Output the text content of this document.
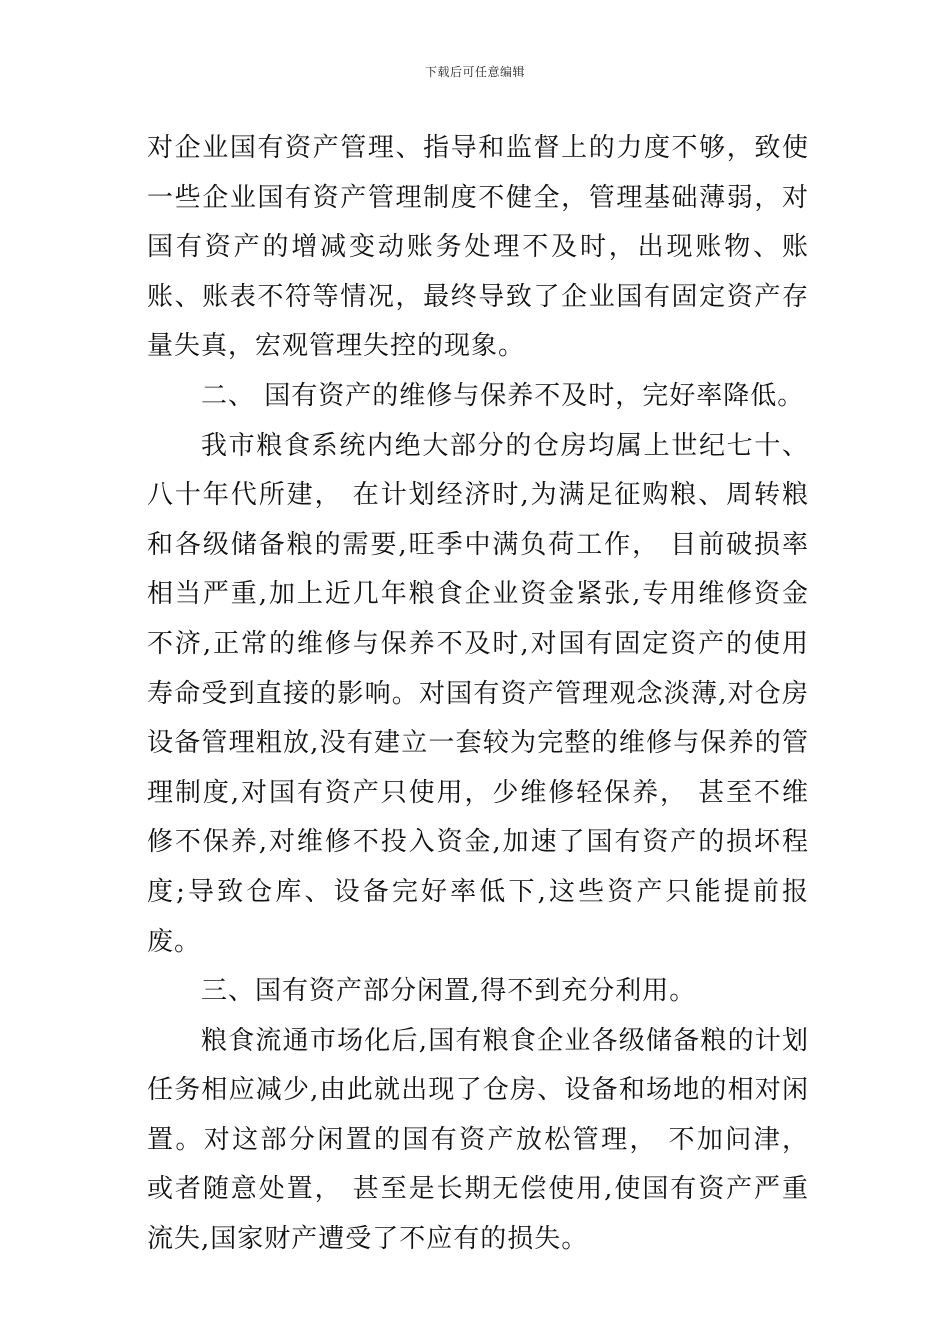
下载后可任意编辑

对企业国有资产管理、指导和监督上的力度不够，致使一些企业国有资产管理制度不健全，管理基础薄弱，对国有资产的增减变动账务处理不及时，出现账物、账账、账表不符等情况，最终导致了企业国有固定资产存量失真，宏观管理失控的现象。

二、 国有资产的维修与保养不及时，完好率降低。

我市粮食系统内绝大部分的仓房均属上世纪七十、八十年代所建， 在计划经济时,为满足征购粮、周转粮和各级储备粮的需要,旺季中满负荷工作， 目前破损率相当严重,加上近几年粮食企业资金紧张,专用维修资金不济,正常的维修与保养不及时,对国有固定资产的使用寿命受到直接的影响。对国有资产管理观念淡薄,对仓房设备管理粗放,没有建立一套较为完整的维修与保养的管理制度,对国有资产只使用，少维修轻保养， 甚至不维修不保养,对维修不投入资金,加速了国有资产的损坏程度;导致仓库、设备完好率低下,这些资产只能提前报废。

三、国有资产部分闲置,得不到充分利用。

粮食流通市场化后,国有粮食企业各级储备粮的计划任务相应减少,由此就出现了仓房、设备和场地的相对闲置。对这部分闲置的国有资产放松管理， 不加问津， 或者随意处置， 甚至是长期无偿使用,使国有资产严重流失,国家财产遭受了不应有的损失。
